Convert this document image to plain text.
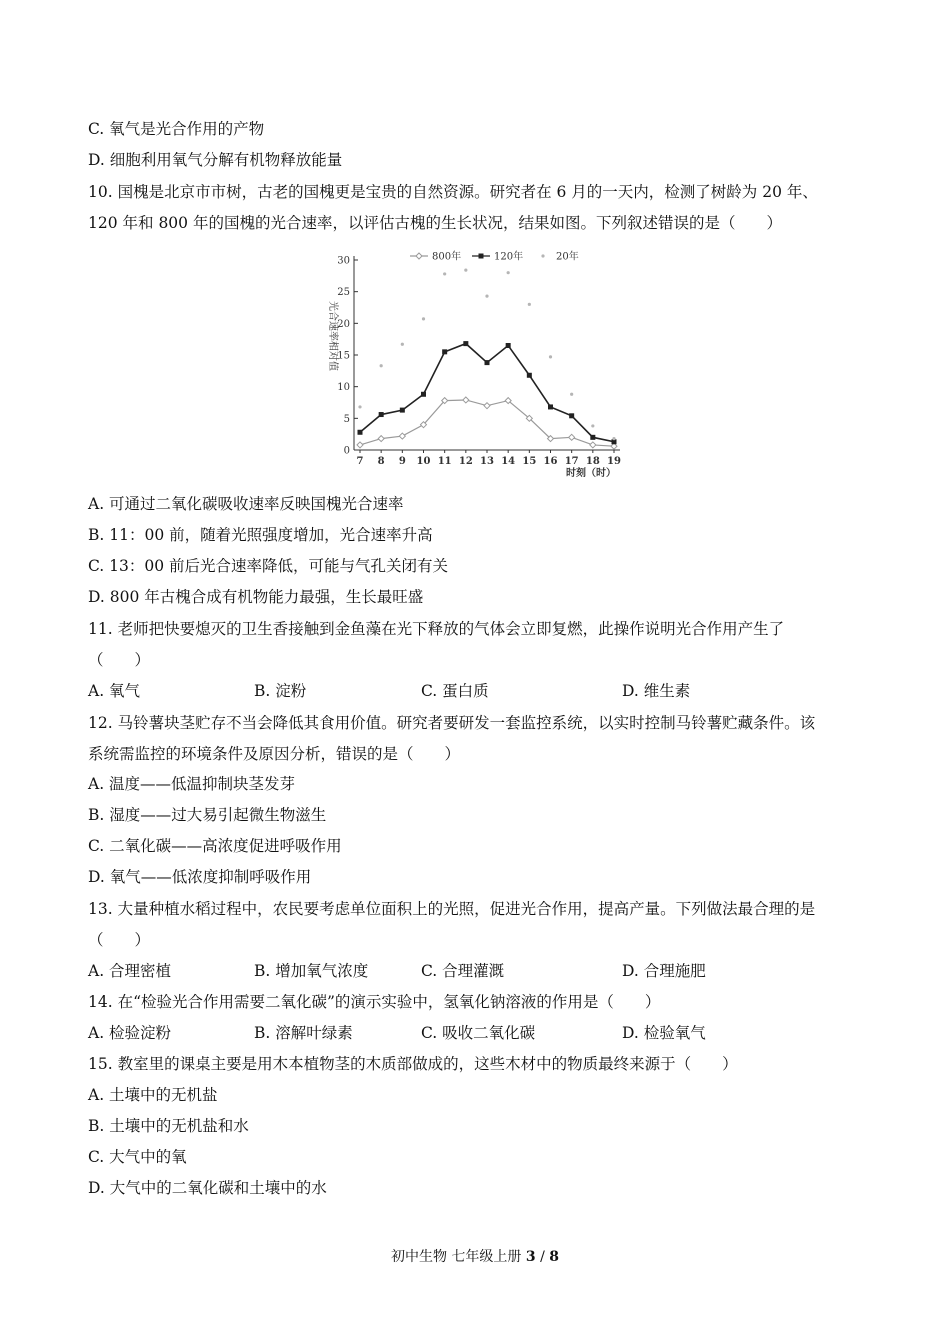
C. 氧气是光合作用的产物
D. 细胞利用氧气分解有机物释放能量
10. 国槐是北京市市树，古老的国槐更是宝贵的自然资源。研究者在 6 月的一天内，检测了树龄为 20 年、
120 年和 800 年的国槐的光合速率，以评估古槐的生长状况，结果如图。下列叙述错误的是（　　）
0
5
10
15
20
25
30
7 8 9 10 11 12 13 14 15 16 17 18 19
800年	120年	20年
光合速率相对值
时刻（时）
A. 可通过二氧化碳吸收速率反映国槐光合速率
B. 11：00 前，随着光照强度增加，光合速率升高
C. 13：00 前后光合速率降低，可能与气孔关闭有关
D. 800 年古槐合成有机物能力最强，生长最旺盛
11. 老师把快要熄灭的卫生香接触到金鱼藻在光下释放的气体会立即复燃，此操作说明光合作用产生了
（　　）
A. 氧气	B. 淀粉	C. 蛋白质	D. 维生素
12. 马铃薯块茎贮存不当会降低其食用价值。研究者要研发一套监控系统，以实时控制马铃薯贮藏条件。该
系统需监控的环境条件及原因分析，错误的是（　　）
A. 温度——低温抑制块茎发芽
B. 湿度——过大易引起微生物滋生
C. 二氧化碳——高浓度促进呼吸作用
D. 氧气——低浓度抑制呼吸作用
13. 大量种植水稻过程中，农民要考虑单位面积上的光照，促进光合作用，提高产量。下列做法最合理的是
（　　）
A. 合理密植	B. 增加氧气浓度	C. 合理灌溉	D. 合理施肥
14. 在“检验光合作用需要二氧化碳”的演示实验中，氢氧化钠溶液的作用是（　　）
A. 检验淀粉	B. 溶解叶绿素	C. 吸收二氧化碳	D. 检验氧气
15. 教室里的课桌主要是用木本植物茎的木质部做成的，这些木材中的物质最终来源于（　　）
A. 土壤中的无机盐
B. 土壤中的无机盐和水
C. 大气中的氧
D. 大气中的二氧化碳和土壤中的水
初中生物 七年级上册 3 / 8
